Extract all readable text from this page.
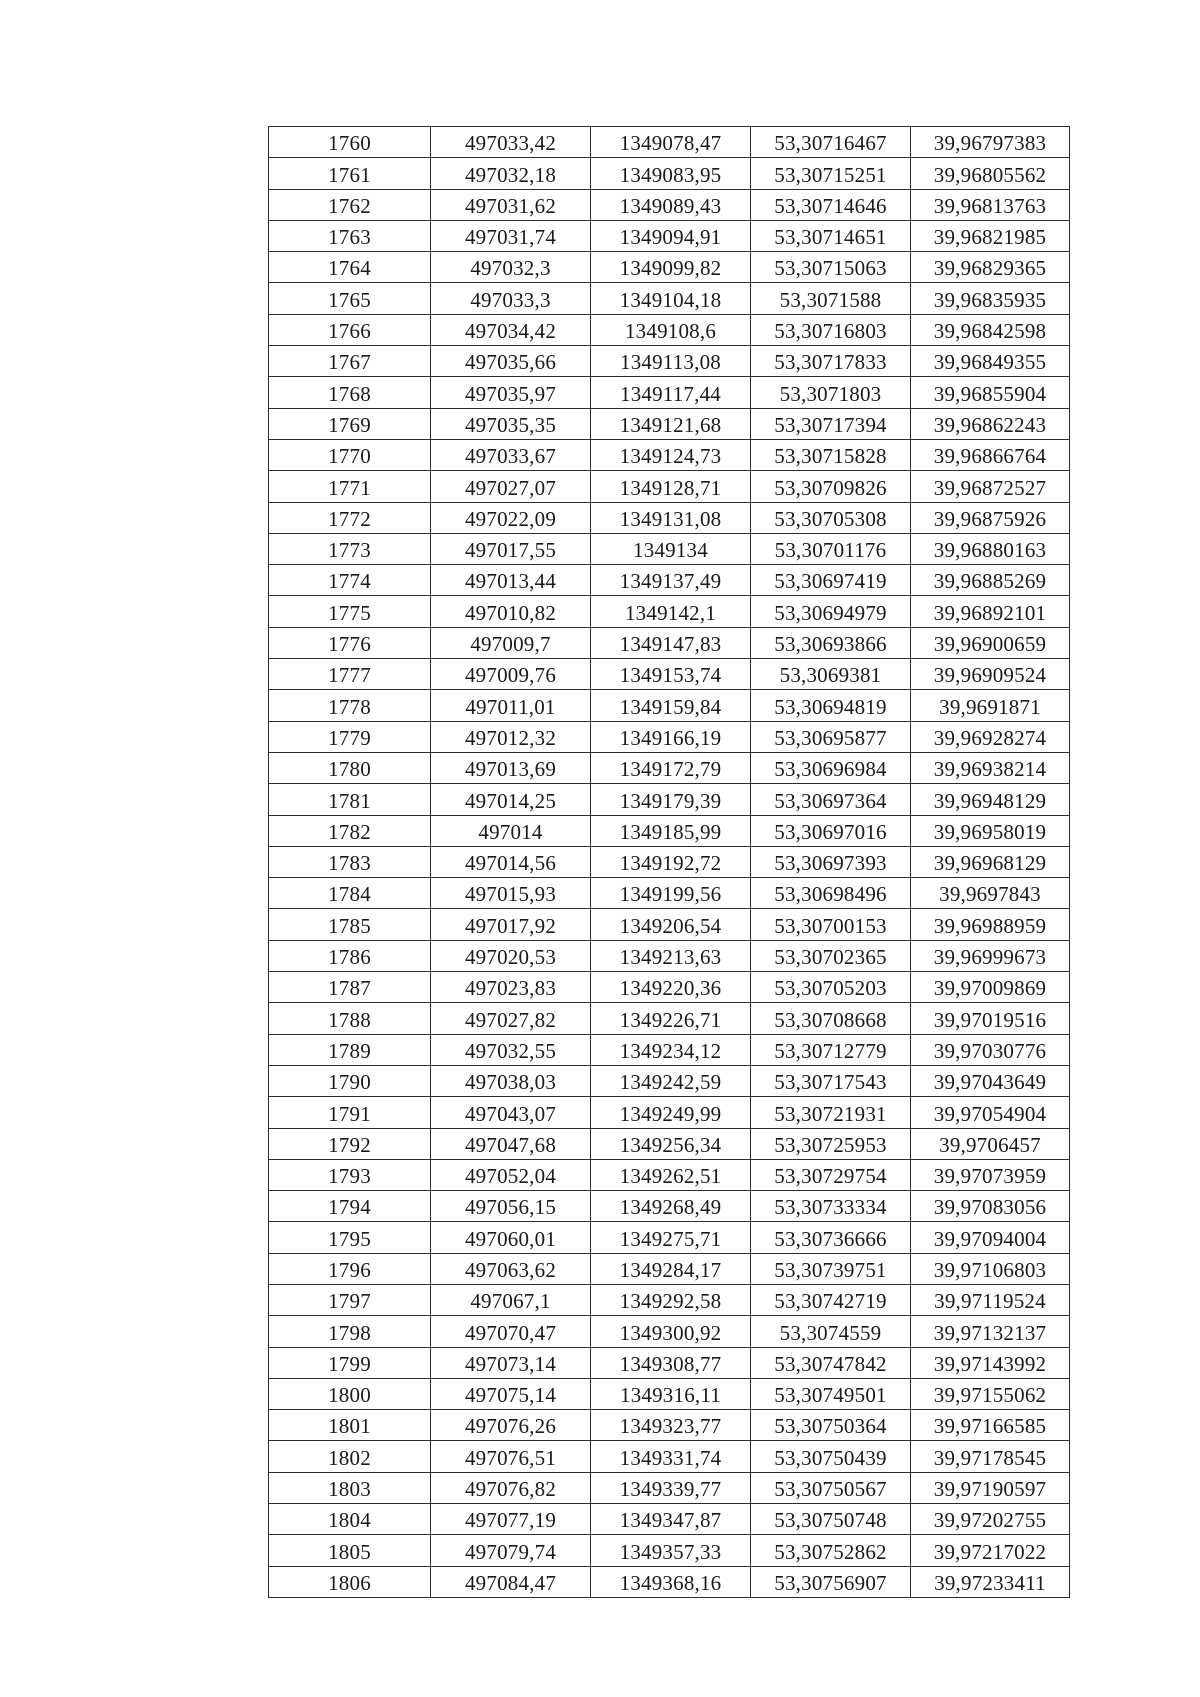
1760	497033,42	1349078,47	53,30716467	39,96797383
1761	497032,18	1349083,95	53,30715251	39,96805562
1762	497031,62	1349089,43	53,30714646	39,96813763
1763	497031,74	1349094,91	53,30714651	39,96821985
1764	497032,3	1349099,82	53,30715063	39,96829365
1765	497033,3	1349104,18	53,3071588	39,96835935
1766	497034,42	1349108,6	53,30716803	39,96842598
1767	497035,66	1349113,08	53,30717833	39,96849355
1768	497035,97	1349117,44	53,3071803	39,96855904
1769	497035,35	1349121,68	53,30717394	39,96862243
1770	497033,67	1349124,73	53,30715828	39,96866764
1771	497027,07	1349128,71	53,30709826	39,96872527
1772	497022,09	1349131,08	53,30705308	39,96875926
1773	497017,55	1349134	53,30701176	39,96880163
1774	497013,44	1349137,49	53,30697419	39,96885269
1775	497010,82	1349142,1	53,30694979	39,96892101
1776	497009,7	1349147,83	53,30693866	39,96900659
1777	497009,76	1349153,74	53,3069381	39,96909524
1778	497011,01	1349159,84	53,30694819	39,9691871
1779	497012,32	1349166,19	53,30695877	39,96928274
1780	497013,69	1349172,79	53,30696984	39,96938214
1781	497014,25	1349179,39	53,30697364	39,96948129
1782	497014	1349185,99	53,30697016	39,96958019
1783	497014,56	1349192,72	53,30697393	39,96968129
1784	497015,93	1349199,56	53,30698496	39,9697843
1785	497017,92	1349206,54	53,30700153	39,96988959
1786	497020,53	1349213,63	53,30702365	39,96999673
1787	497023,83	1349220,36	53,30705203	39,97009869
1788	497027,82	1349226,71	53,30708668	39,97019516
1789	497032,55	1349234,12	53,30712779	39,97030776
1790	497038,03	1349242,59	53,30717543	39,97043649
1791	497043,07	1349249,99	53,30721931	39,97054904
1792	497047,68	1349256,34	53,30725953	39,9706457
1793	497052,04	1349262,51	53,30729754	39,97073959
1794	497056,15	1349268,49	53,30733334	39,97083056
1795	497060,01	1349275,71	53,30736666	39,97094004
1796	497063,62	1349284,17	53,30739751	39,97106803
1797	497067,1	1349292,58	53,30742719	39,97119524
1798	497070,47	1349300,92	53,3074559	39,97132137
1799	497073,14	1349308,77	53,30747842	39,97143992
1800	497075,14	1349316,11	53,30749501	39,97155062
1801	497076,26	1349323,77	53,30750364	39,97166585
1802	497076,51	1349331,74	53,30750439	39,97178545
1803	497076,82	1349339,77	53,30750567	39,97190597
1804	497077,19	1349347,87	53,30750748	39,97202755
1805	497079,74	1349357,33	53,30752862	39,97217022
1806	497084,47	1349368,16	53,30756907	39,97233411
